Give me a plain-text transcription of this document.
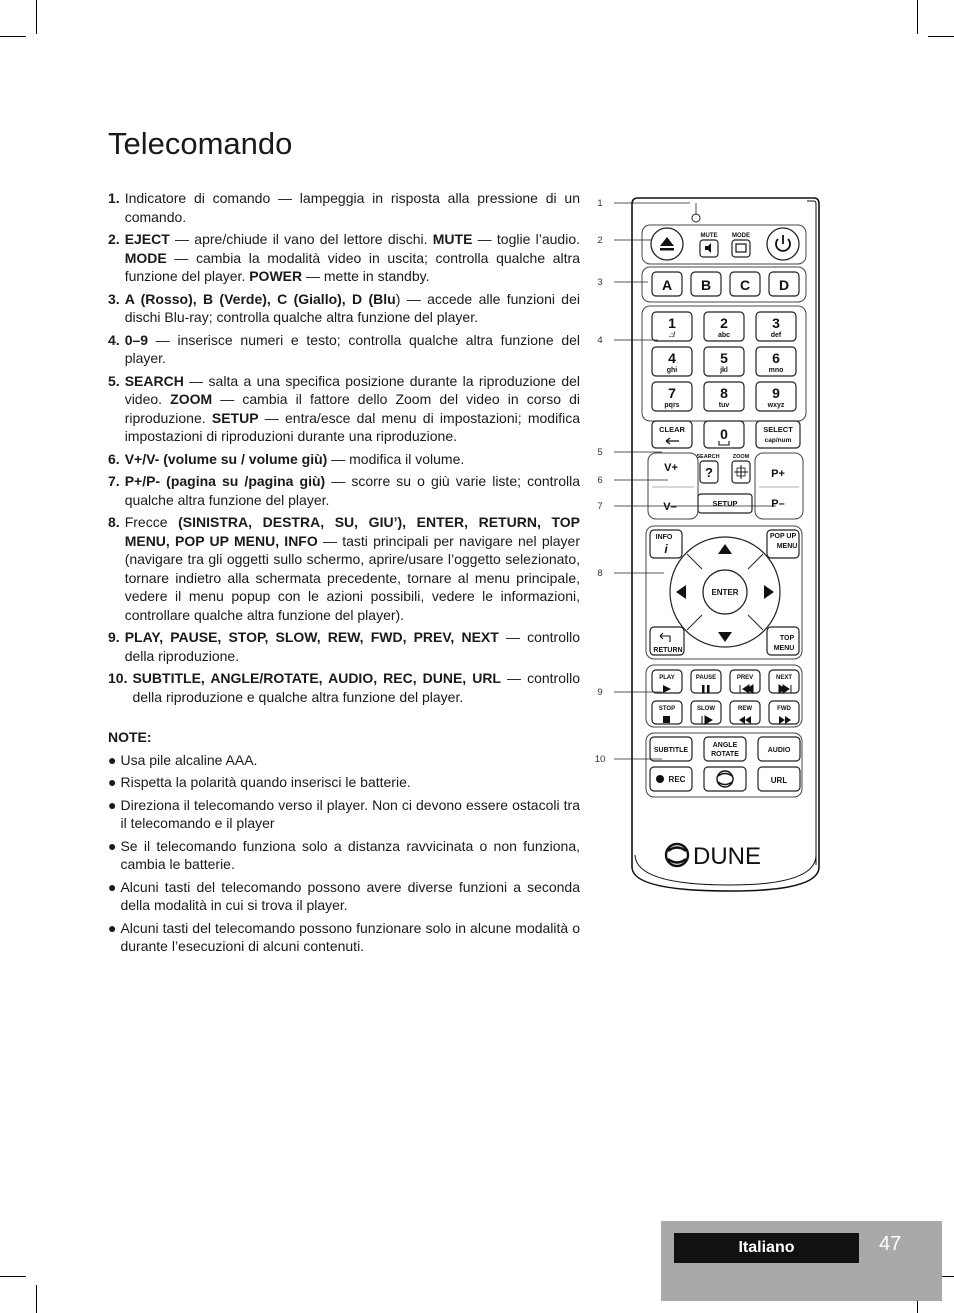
Telecomando
1. Indicatore di comando — lampeggia in risposta alla pressione di un comando.
2. EJECT — apre/chiude il vano del lettore dischi. MUTE — toglie l’audio. MODE — cambia la modalità video in uscita; controlla qualche altra funzione del player. POWER — mette in standby.
3. A (Rosso), B (Verde), C (Giallo), D (Blu) — accede alle funzioni dei dischi Blu-ray; controlla qualche altra funzione del player.
4. 0–9 — inserisce numeri e testo; controlla qualche altra funzione del player.
5. SEARCH — salta a una specifica posizione durante la riproduzione del video. ZOOM — cambia il fattore dello Zoom del video in corso di riproduzione. SETUP — entra/esce dal menu di impostazioni; modifica impostazioni di riproduzioni durante una riproduzione.
6. V+/V- (volume su / volume giù) — modifica il volume.
7. P+/P- (pagina su /pagina giù) — scorre su o giù varie liste; controlla qualche altra funzione del player.
8. Frecce (SINISTRA, DESTRA, SU, GIU’), ENTER, RETURN, TOP MENU, POP UP MENU, INFO — tasti principali per navigare nel player (navigare tra gli oggetti sullo schermo, aprire/usare l’oggetto selezionato, tornare indietro alla schermata precedente, tornare al menu principale, vedere il menu popup con le azioni possibili, vedere le informazioni, controllare qualche altra funzione del player).
9. PLAY, PAUSE, STOP, SLOW, REW, FWD, PREV, NEXT — controllo della riproduzione.
10. SUBTITLE, ANGLE/ROTATE, AUDIO, REC, DUNE, URL — controllo della riproduzione e qualche altra funzione del player.
NOTE:
● Usa pile alcaline AAA.
● Rispetta la polarità quando inserisci le batterie.
● Direziona il telecomando verso il player. Non ci devono essere ostacoli tra il telecomando e il player
● Se il telecomando funziona solo a distanza ravvicinata o non funziona, cambia le batterie.
● Alcuni tasti del telecomando possono avere diverse funzioni a seconda della modalità in cui si trova il player.
● Alcuni tasti del telecomando possono funzionare solo in alcune modalità o durante l’esecuzioni di alcuni contenuti.
MUTE MODE
A B C D
1
.:/
2
abc
3
def
4
ghi
5
jkl
6
mno
7
pqrs
8
tuv
9
wxyz
CLEAR	0	SELECT
cap/num
V+
V–
P+
P–
SEARCH
?
ZOOM
SETUP
INFO
i
POP UP
MENU
ENTER
RETURN
TOP
MENU
PLAY	PAUSE	PREV	NEXT
STOP	SLOW	REW	FWD
SUBTITLE
ANGLE
ROTATE
AUDIO
REC	URL
DUNE
1
2
3
4
5
6
7
8
9
10
Italiano	47
